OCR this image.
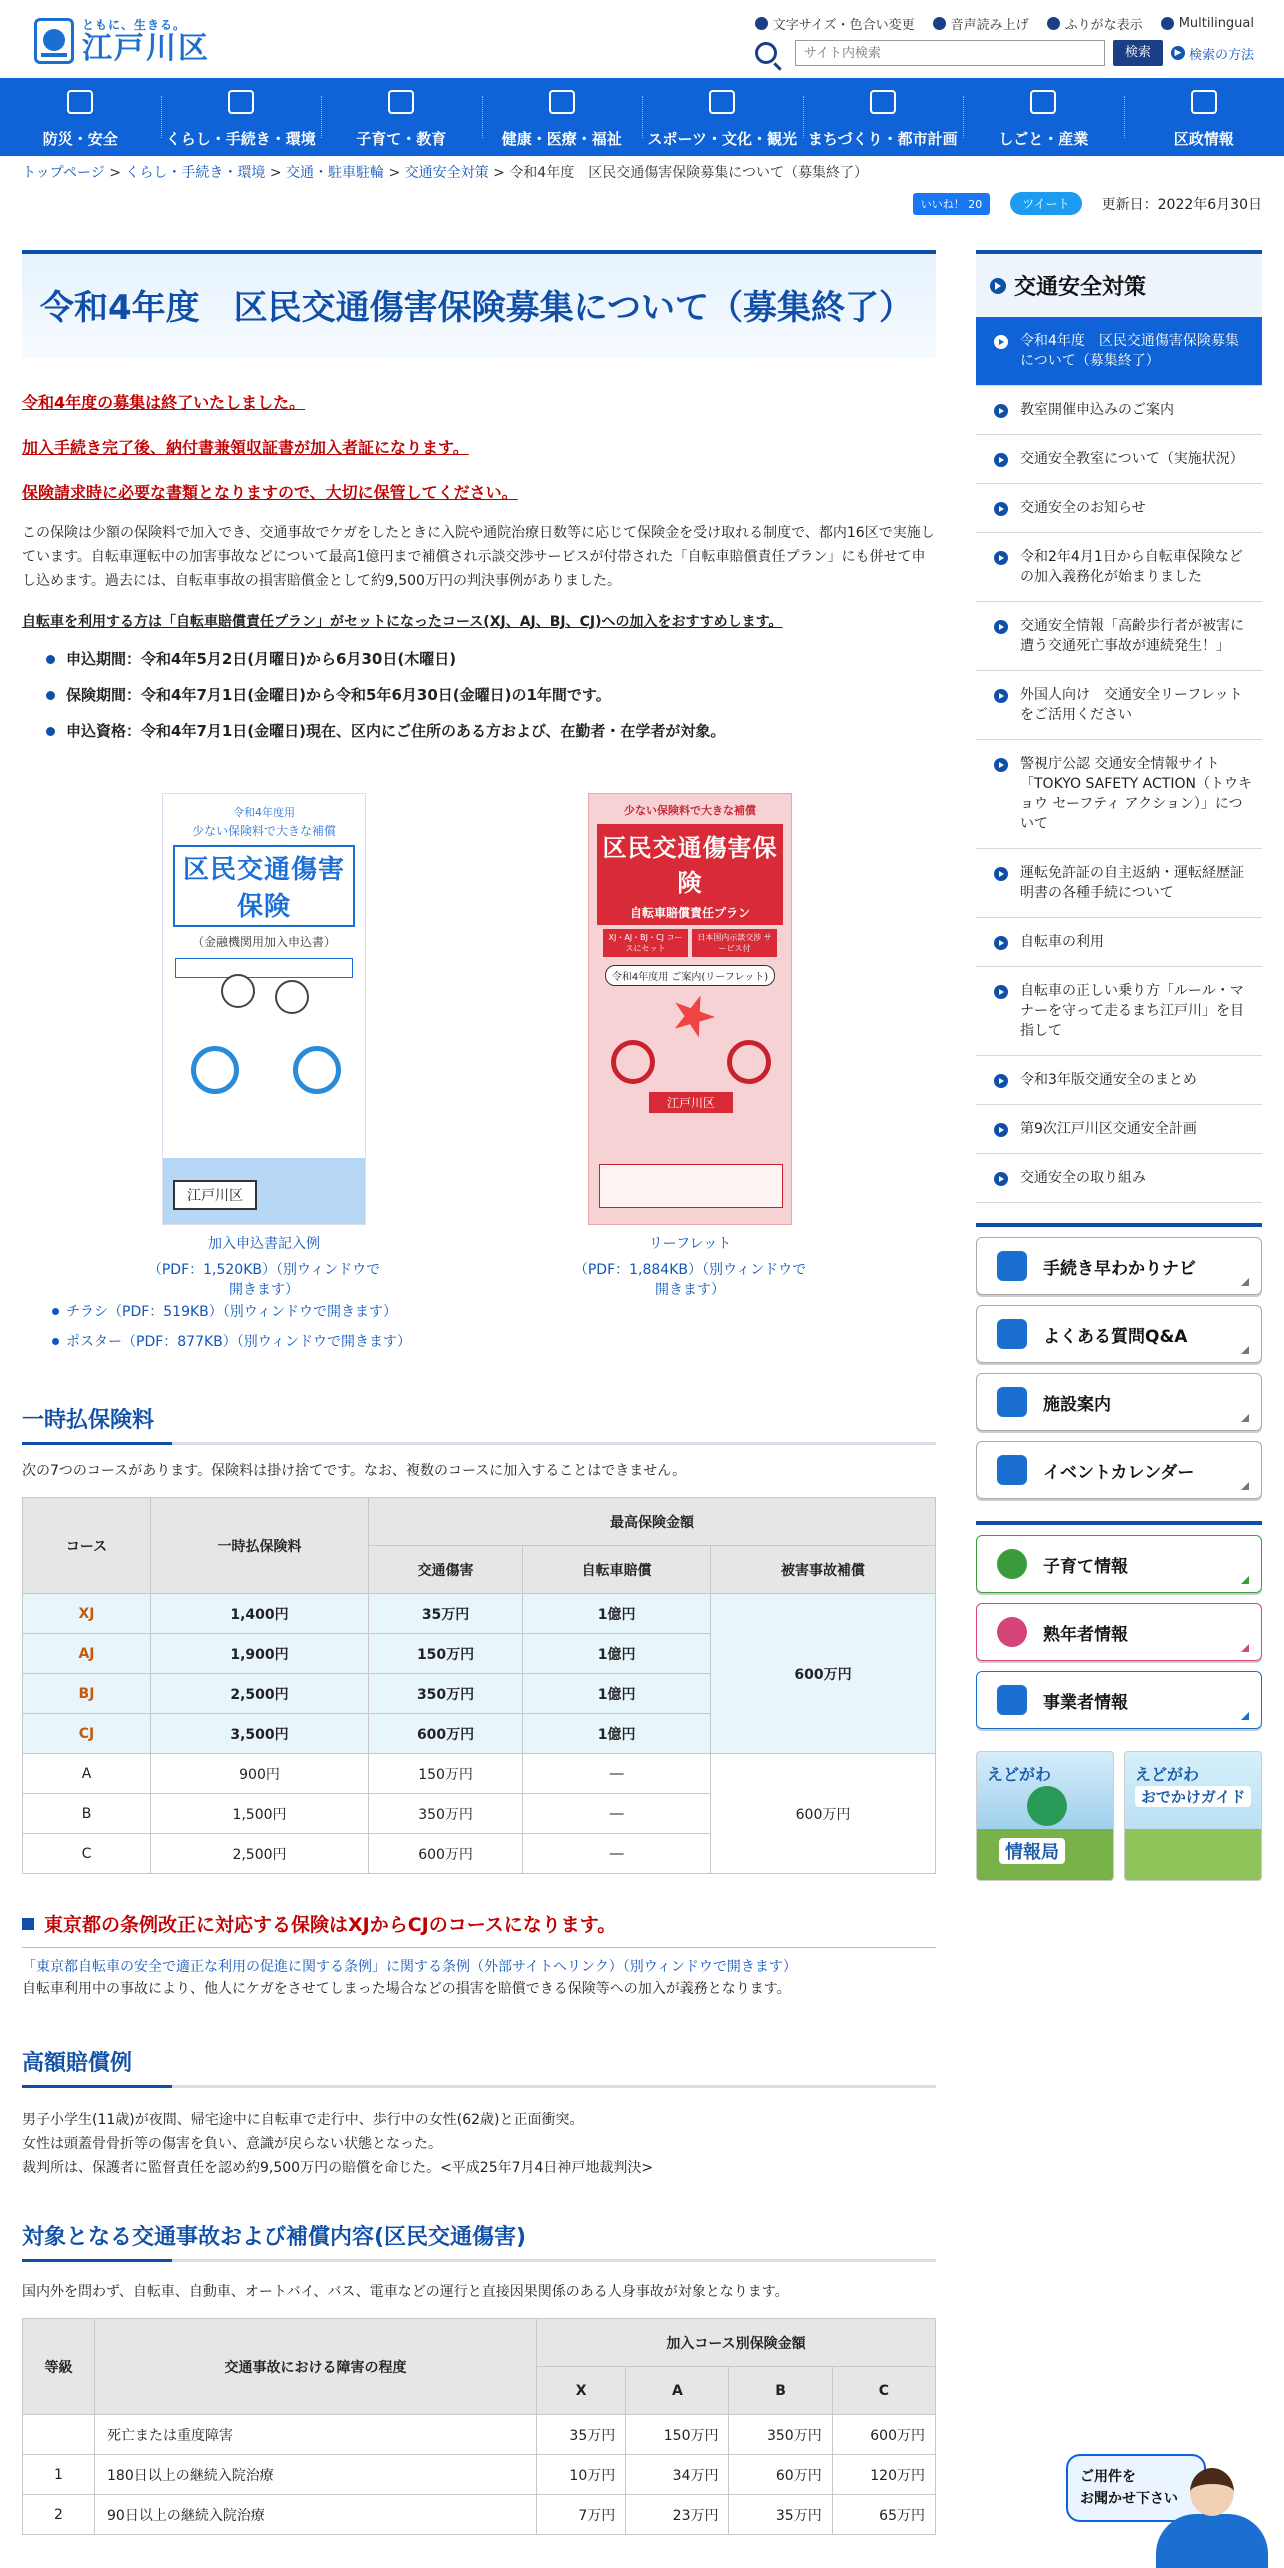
ともに、生きる。
江戸川区
文字サイズ・色合い変更	音声読み上げ	ふりがな表示	Multilingual
サイト内検索
検索	▶ 検索の方法
防災・安全	くらし・手続き・環境	子育て・教育	健康・医療・福祉	スポーツ・文化・観光 まちづくり・都市計画	しごと・産業	区政情報
トップページ > くらし・手続き・環境 > 交通・駐車駐輪 > 交通安全対策 > 令和4年度　区民交通傷害保険募集について（募集終了）
いいね！ 20	ツイート	更新日：2022年6月30日
令和4年度　区民交通傷害保険募集について（募集終了）
令和4年度の募集は終了いたしました。
加入手続き完了後、納付書兼領収証書が加入者証になります。
保険請求時に必要な書類となりますので、大切に保管してください。
この保険は少額の保険料で加入でき、交通事故でケガをしたときに入院や通院治療日数等に応じて保険金を受け取れる制度で、都内16区で実施しています。自転車運転中の加害事故などについて最高1億円まで補償され示談交渉サービスが付帯された「自転車賠償責任プラン」にも併せて申し込めます。過去には、自転車事故の損害賠償金として約9,500万円の判決事例がありました。
自転車を利用する方は「自転車賠償責任プラン」がセットになったコース(XJ、AJ、BJ、CJ)への加入をおすすめします。
申込期間：令和4年5月2日(月曜日)から6月30日(木曜日)
保険期間：令和4年7月1日(金曜日)から令和5年6月30日(金曜日)の1年間です。
申込資格：令和4年7月1日(金曜日)現在、区内にご住所のある方および、在勤者・在学者が対象。
令和4年度用
少ない保険料で大きな補償
区民交通傷害保険
（金融機関用加入申込書）

江戸川区
加入申込書記入例
（PDF：1,520KB）（別ウィンドウで開きます）
少ない保険料で大きな補償
区民交通傷害保険
自転車賠償責任プラン
XJ・AJ・BJ・CJ コースにセット
日本国内示談交渉 サービス付
令和4年度用 ご案内(リーフレット)
江戸川区

リーフレット
（PDF：1,884KB）（別ウィンドウで開きます）
チラシ（PDF：519KB）（別ウィンドウで開きます）
ポスター（PDF：877KB）（別ウィンドウで開きます）
一時払保険料
次の7つのコースがあります。保険料は掛け捨てです。なお、複数のコースに加入することはできません。
コース	一時払保険料	最高保険金額		
		交通傷害	自転車賠償	被害事故補償
XJ	1,400円	35万円	1億円	600万円
AJ	1,900円	150万円	1億円	
BJ	2,500円	350万円	1億円	
CJ	3,500円	600万円	1億円	
A	900円	150万円	―	600万円
B	1,500円	350万円	―	
C	2,500円	600万円	―	
東京都の条例改正に対応する保険はXJからCJのコースになります。
「東京都自転車の安全で適正な利用の促進に関する条例」に関する条例（外部サイトへリンク）（別ウィンドウで開きます）
自転車利用中の事故により、他人にケガをさせてしまった場合などの損害を賠償できる保険等への加入が義務となります。
高額賠償例
男子小学生(11歳)が夜間、帰宅途中に自転車で走行中、歩行中の女性(62歳)と正面衝突。
女性は頭蓋骨骨折等の傷害を負い、意識が戻らない状態となった。
裁判所は、保護者に監督責任を認め約9,500万円の賠償を命じた。<平成25年7月4日神戸地裁判決>
対象となる交通事故および補償内容(区民交通傷害)
国内外を問わず、自転車、自動車、オートバイ、バス、電車などの運行と直接因果関係のある人身事故が対象となります。
等級	交通事故における障害の程度	加入コース別保険金額			
		X	A	B	C
	死亡または重度障害	35万円	150万円	350万円	600万円
1	180日以上の継続入院治療	10万円	34万円	60万円	120万円
2	90日以上の継続入院治療	7万円	23万円	35万円	65万円
交通安全対策
令和4年度　区民交通傷害保険募集について（募集終了）
教室開催申込みのご案内
交通安全教室について（実施状況）
交通安全のお知らせ
令和2年4月1日から自転車保険などの加入義務化が始まりました
交通安全情報「高齢歩行者が被害に遭う交通死亡事故が連続発生！」
外国人向け　交通安全リーフレットをご活用ください
警視庁公認 交通安全情報サイト「TOKYO SAFETY ACTION（トウキョウ セーフティ アクション）」について
運転免許証の自主返納・運転経歴証明書の各種手続について
自転車の利用
自転車の正しい乗り方「ルール・マナーを守って走るまち江戸川」を目指して
令和3年版交通安全のまとめ
第9次江戸川区交通安全計画
交通安全の取り組み
手続き早わかりナビ
よくある質問Q&A
施設案内
イベントカレンダー
子育て情報
熟年者情報
事業者情報
えどがわ
情報局
えどがわ
おでかけガイド
ご用件を
お聞かせ下さい
